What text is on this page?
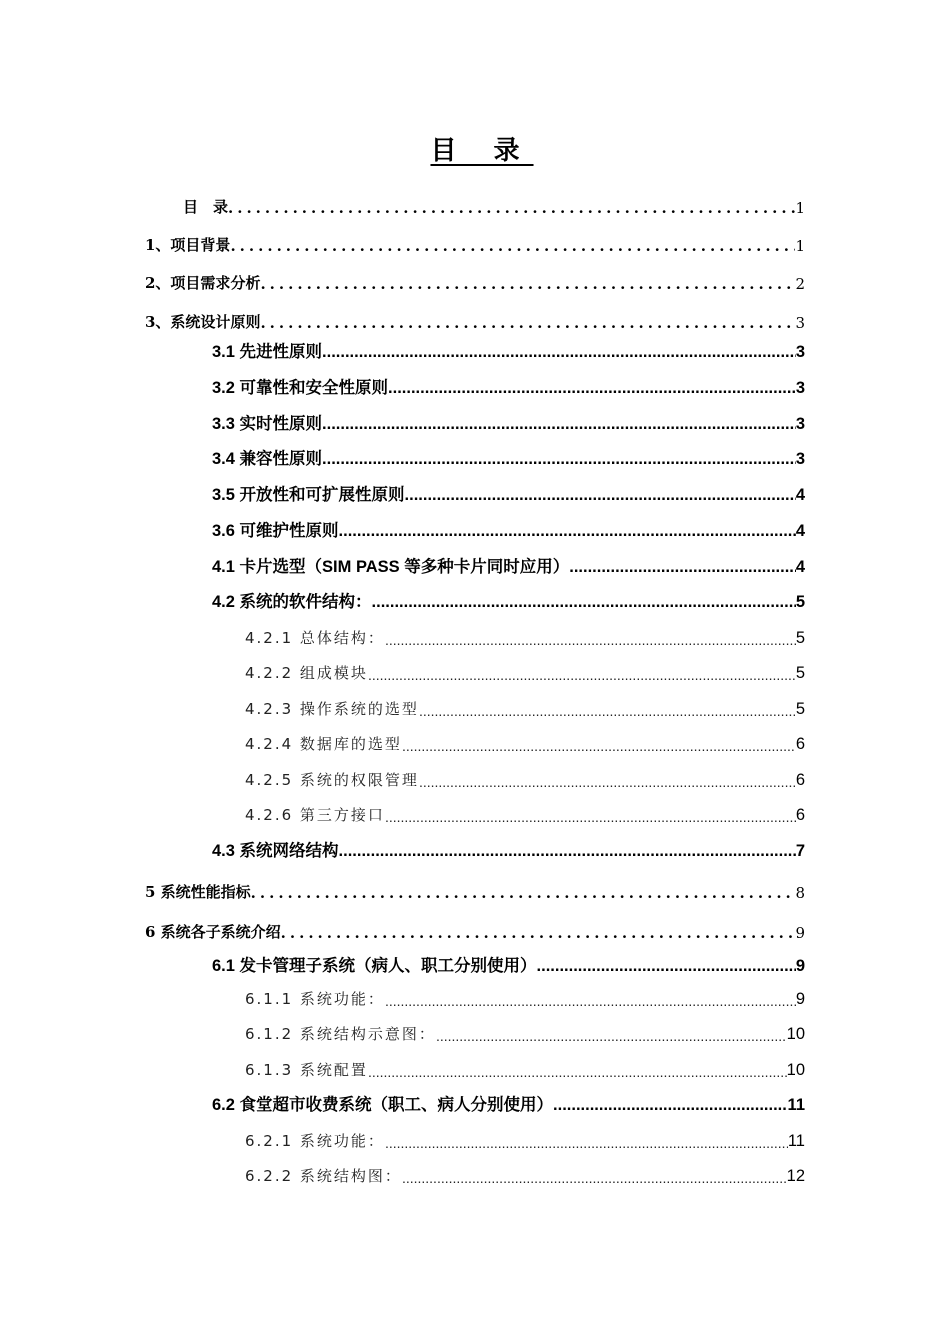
目 录
目　录 .....	1
1、项目背景 .....	1
2、项目需求分析 .....	2
3、系统设计原则 .....	3
3.1 先进性原则 .....	3
3.2 可靠性和安全性原则 .....	3
3.3 实时性原则 .....	3
3.4 兼容性原则 .....	3
3.5 开放性和可扩展性原则 .....	4
3.6 可维护性原则 .....	4
4.1 卡片选型（SIM PASS 等多种卡片同时应用） .....	4
4.2 系统的软件结构： .....	5
4.2.1 总体结构： .....	5
4.2.2 组成模块 .....	5
4.2.3 操作系统的选型 .....	5
4.2.4 数据库的选型 .....	6
4.2.5 系统的权限管理 .....	6
4.2.6 第三方接口 .....	6
4.3 系统网络结构 .....	7
5 系统性能指标 .....	8
6 系统各子系统介绍 .....	9
6.1 发卡管理子系统（病人、职工分别使用） .....	9
6.1.1 系统功能： .....	9
6.1.2 系统结构示意图： .....	10
6.1.3 系统配置 .....	10
6.2 食堂超市收费系统（职工、病人分别使用） .....	11
6.2.1 系统功能： .....	11
6.2.2 系统结构图： .....	12
